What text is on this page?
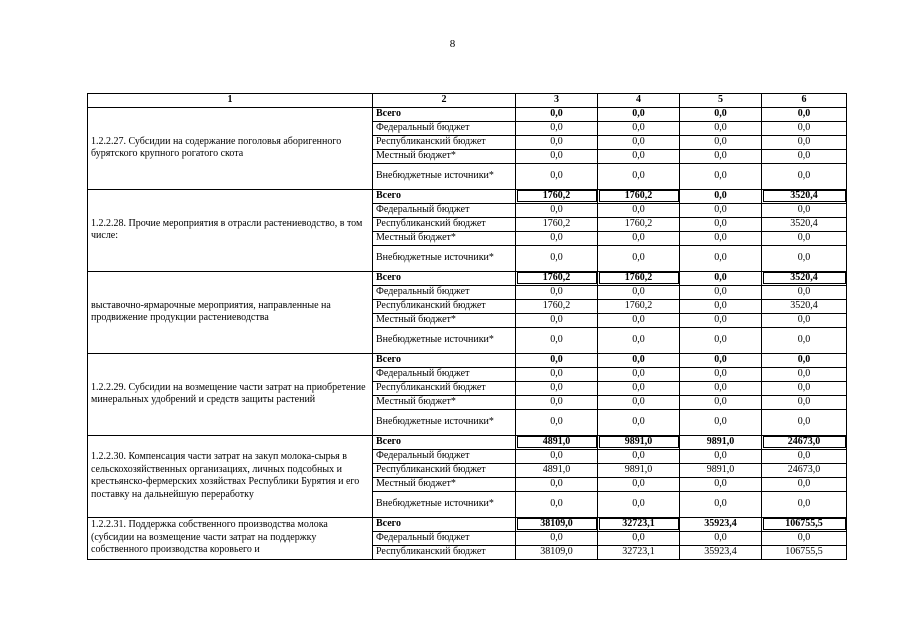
8
1	2	3	4	5	6
1.2.2.27. Субсидии на содержание поголовья аборигенного бурятского крупного рогатого скота	Всего	0,0	0,0	0,0	0,0
	Федеральный бюджет	0,0	0,0	0,0	0,0
	Республиканский бюджет	0,0	0,0	0,0	0,0
	Местный бюджет*	0,0	0,0	0,0	0,0
	Внебюджетные источники*	0,0	0,0	0,0	0,0
1.2.2.28. Прочие мероприятия в отрасли растениеводство, в том числе:	Всего	1760,2	1760,2	0,0	3520,4
	Федеральный бюджет	0,0	0,0	0,0	0,0
	Республиканский бюджет	1760,2	1760,2	0,0	3520,4
	Местный бюджет*	0,0	0,0	0,0	0,0
	Внебюджетные источники*	0,0	0,0	0,0	0,0
выставочно-ярмарочные мероприятия, направленные на продвижение продукции растениеводства	Всего	1760,2	1760,2	0,0	3520,4
	Федеральный бюджет	0,0	0,0	0,0	0,0
	Республиканский бюджет	1760,2	1760,2	0,0	3520,4
	Местный бюджет*	0,0	0,0	0,0	0,0
	Внебюджетные источники*	0,0	0,0	0,0	0,0
1.2.2.29. Субсидии на возмещение части затрат на приобретение минеральных удобрений и средств защиты растений	Всего	0,0	0,0	0,0	0,0
	Федеральный бюджет	0,0	0,0	0,0	0,0
	Республиканский бюджет	0,0	0,0	0,0	0,0
	Местный бюджет*	0,0	0,0	0,0	0,0
	Внебюджетные источники*	0,0	0,0	0,0	0,0
1.2.2.30. Компенсация части затрат на закуп молока-сырья в сельскохозяйственных организациях, личных подсобных и крестьянско-фермерских хозяйствах Республики Бурятия и его поставку на дальнейшую переработку	Всего	4891,0	9891,0	9891,0	24673,0
	Федеральный бюджет	0,0	0,0	0,0	0,0
	Республиканский бюджет	4891,0	9891,0	9891,0	24673,0
	Местный бюджет*	0,0	0,0	0,0	0,0
	Внебюджетные источники*	0,0	0,0	0,0	0,0
1.2.2.31. Поддержка собственного производства молока (субсидии на возмещение части затрат на поддержку собственного производства коровьего и	Всего	38109,0	32723,1	35923,4	106755,5
	Федеральный бюджет	0,0	0,0	0,0	0,0
	Республиканский бюджет	38109,0	32723,1	35923,4	106755,5
